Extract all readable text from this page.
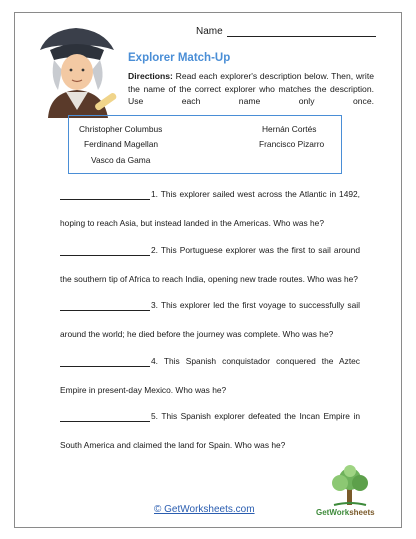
Name
Explorer Match-Up
Directions: Read each explorer's description below. Then, write the name of the correct explorer who matches the description. Use each name only once.
Christopher Columbus	Hernán Cortés
Ferdinand Magellan	Francisco Pizarro
Vasco da Gama
1. This explorer sailed west across the Atlantic in 1492,
hoping to reach Asia, but instead landed in the Americas. Who was he?
2. This Portuguese explorer was the first to sail around
the southern tip of Africa to reach India, opening new trade routes. Who was he?
3. This explorer led the first voyage to successfully sail
around the world; he died before the journey was complete. Who was he?
4. This Spanish conquistador conquered the Aztec
Empire in present-day Mexico. Who was he?
5. This Spanish explorer defeated the Incan Empire in
South America and claimed the land for Spain. Who was he?
© GetWorksheets.com	GetWorksheets
